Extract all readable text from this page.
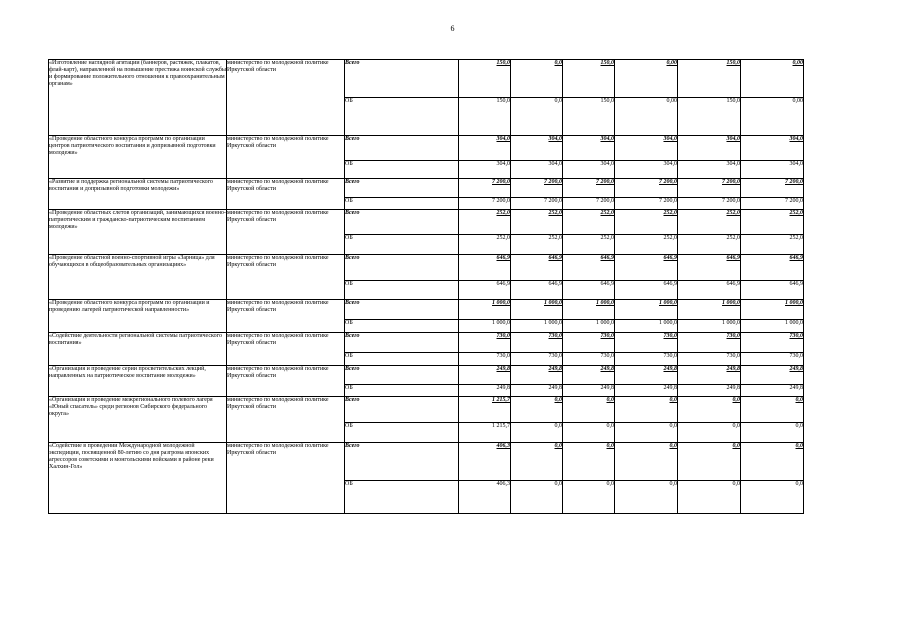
6
«Изготовление наглядной агитации (баннеров, растяжек, плакатов, флай-карт), направленной на повышение престижа воинской службы и формирование положительного отношения к правоохранительным органам»	министерство по молодежной политике Иркутской области	Всего	150,0	0,0	150,0	0,00	150,0	0,00
		ОБ	150,0	0,0	150,0	0,00	150,0	0,00
«Проведение областного конкурса программ по организации центров патриотического воспитания и допризывной подготовки молодежи»	министерство по молодежной политике Иркутской области	Всего	304,0	304,0	304,0	304,0	304,0	304,0
		ОБ	304,0	304,0	304,0	304,0	304,0	304,0
«Развитие и поддержка региональной системы патриотического воспитания и допризывной подготовки молодежи»	министерство по молодежной политике Иркутской области	Всего	7 200,0	7 200,0	7 200,0	7 200,0	7 200,0	7 200,0
		ОБ	7 200,0	7 200,0	7 200,0	7 200,0	7 200,0	7 200,0
«Проведение областных слетов организаций, занимающихся военно-патриотическим и гражданско-патриотическим воспитанием молодежи»	министерство по молодежной политике Иркутской области	Всего	252,0	252,0	252,0	252,0	252,0	252,0
		ОБ	252,0	252,0	252,0	252,0	252,0	252,0
«Проведение областной военно-спортивной игры «Зарница» для обучающихся в общеобразовательных организациях»	министерство по молодежной политике Иркутской области	Всего	646,9	646,9	646,9	646,9	646,9	646,9
		ОБ	646,9	646,9	646,9	646,9	646,9	646,9
«Проведение областного конкурса программ по организации и проведению лагерей патриотической направленности»	министерство по молодежной политике Иркутской области	Всего	1 000,0	1 000,0	1 000,0	1 000,0	1 000,0	1 000,0
		ОБ	1 000,0	1 000,0	1 000,0	1 000,0	1 000,0	1 000,0
«Содействие деятельности региональной системы патриотического воспитания»	министерство по молодежной политике Иркутской области	Всего	730,0	730,0	730,0	730,0	730,0	730,0
		ОБ	730,0	730,0	730,0	730,0	730,0	730,0
«Организация и проведение серии просветительских лекций, направленных на патриотическое воспитание молодежи»	министерство по молодежной политике Иркутской области	Всего	249,8	249,8	249,8	249,8	249,8	249,8
		ОБ	249,8	249,8	249,8	249,8	249,8	249,8
«Организация и проведение межрегионального полевого лагеря «Юный спасатель» среди регионов Сибирского федерального округа»	министерство по молодежной политике Иркутской области	Всего	1 215,7	0,0	0,0	0,0	0,0	0,0
		ОБ	1 215,7	0,0	0,0	0,0	0,0	0,0
«Содействие в проведении Международной молодежной экспедиции, посвященной 80-летию со дня разгрома японских агрессоров советскими и монгольскими войсками в районе реки Халхин-Гол»	министерство по молодежной политике Иркутской области	Всего	406,3	0,0	0,0	0,0	0,0	0,0
		ОБ	406,3	0,0	0,0	0,0	0,0	0,0
